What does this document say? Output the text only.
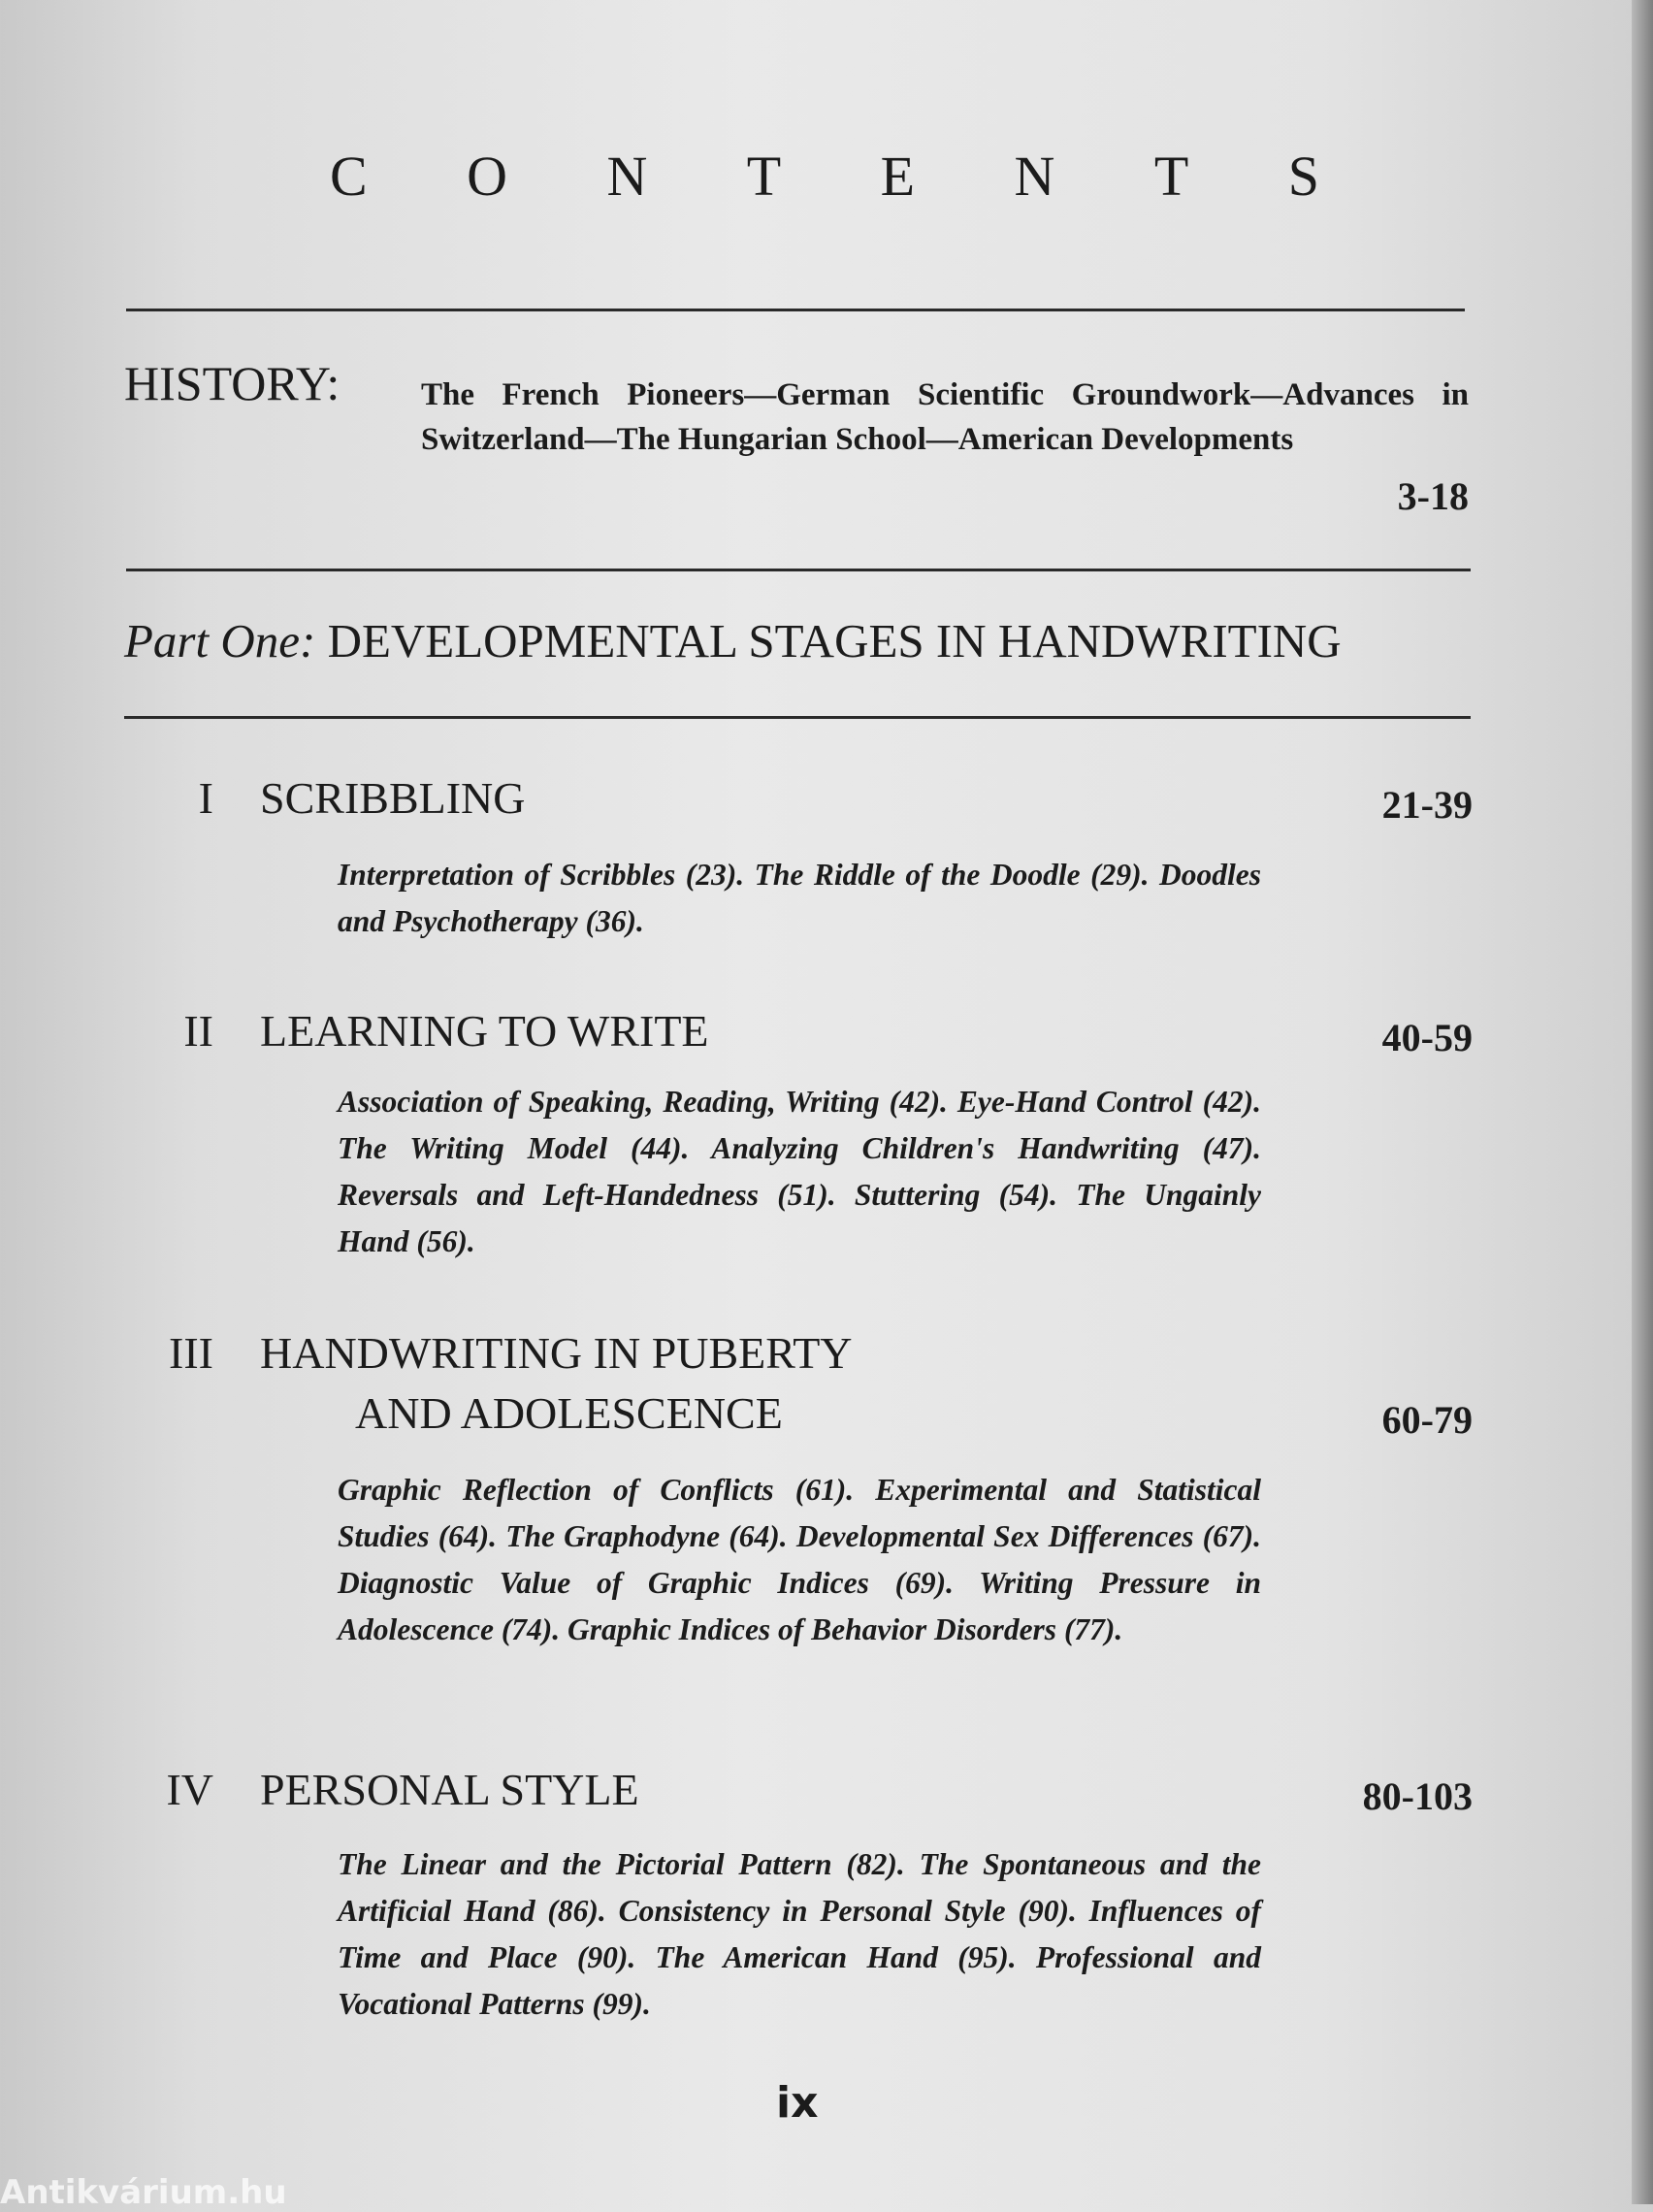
C O N T E N T S
HISTORY:	The French Pioneers—German Scientific Groundwork—Advances in Switzerland—The Hungarian School—American Developments
3-18
Part One: DEVELOPMENTAL STAGES IN HANDWRITING
I SCRIBBLING	21-39
Interpretation of Scribbles (23). The Riddle of the Doodle (29). Doodles and Psychotherapy (36).
II LEARNING TO WRITE	40-59
Association of Speaking, Reading, Writing (42). Eye-Hand Control (42). The Writing Model (44). Analyzing Children's Handwriting (47). Reversals and Left-Handedness (51). Stuttering (54). The Ungainly Hand (56).
III HANDWRITING IN PUBERTY
AND ADOLESCENCE	60-79
Graphic Reflection of Conflicts (61). Experimental and Statistical Studies (64). The Graphodyne (64). Developmental Sex Differences (67). Diagnostic Value of Graphic Indices (69). Writing Pressure in Adolescence (74). Graphic Indices of Behavior Disorders (77).
IV PERSONAL STYLE	80-103
The Linear and the Pictorial Pattern (82). The Spontaneous and the Artificial Hand (86). Consistency in Personal Style (90). Influences of Time and Place (90). The American Hand (95). Professional and Vocational Patterns (99).
ix
Antikvárium.hu
